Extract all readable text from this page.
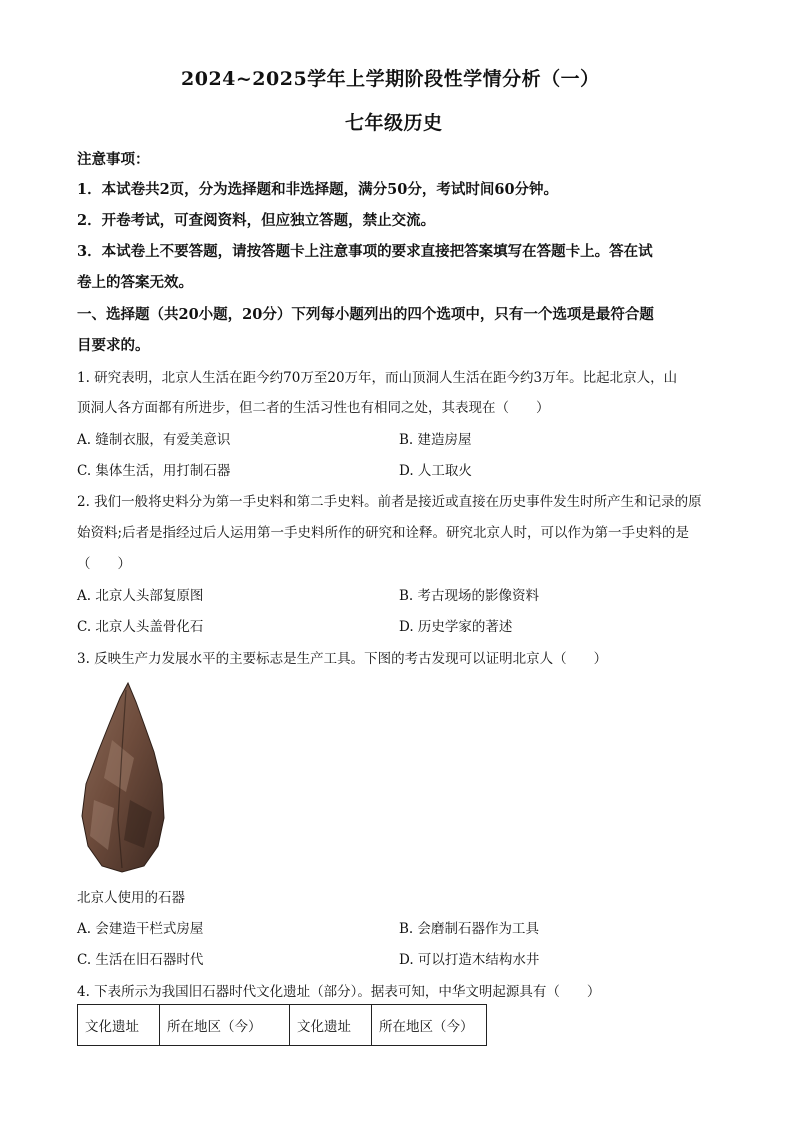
2024~2025学年上学期阶段性学情分析（一）
七年级历史
注意事项：
1．本试卷共2页，分为选择题和非选择题，满分50分，考试时间60分钟。
2．开卷考试，可查阅资料，但应独立答题，禁止交流。
3．本试卷上不要答题，请按答题卡上注意事项的要求直接把答案填写在答题卡上。答在试
卷上的答案无效。
一、选择题（共20小题，20分）下列每小题列出的四个选项中，只有一个选项是最符合题
目要求的。
1. 研究表明，北京人生活在距今约70万至20万年，而山顶洞人生活在距今约3万年。比起北京人，山
顶洞人各方面都有所进步，但二者的生活习性也有相同之处，其表现在（　　）
A. 缝制衣服，有爱美意识	B. 建造房屋
C. 集体生活，用打制石器	D. 人工取火
2. 我们一般将史料分为第一手史料和第二手史料。前者是接近或直接在历史事件发生时所产生和记录的原
始资料;后者是指经过后人运用第一手史料所作的研究和诠释。研究北京人时，可以作为第一手史料的是
（　　）
A. 北京人头部复原图	B. 考古现场的影像资料
C. 北京人头盖骨化石	D. 历史学家的著述
3. 反映生产力发展水平的主要标志是生产工具。下图的考古发现可以证明北京人（　　）
北京人使用的石器
A. 会建造干栏式房屋	B. 会磨制石器作为工具
C. 生活在旧石器时代	D. 可以打造木结构水井
4. 下表所示为我国旧石器时代文化遗址（部分）。据表可知，中华文明起源具有（　　）
文化遗址	所在地区（今）	文化遗址	所在地区（今）
